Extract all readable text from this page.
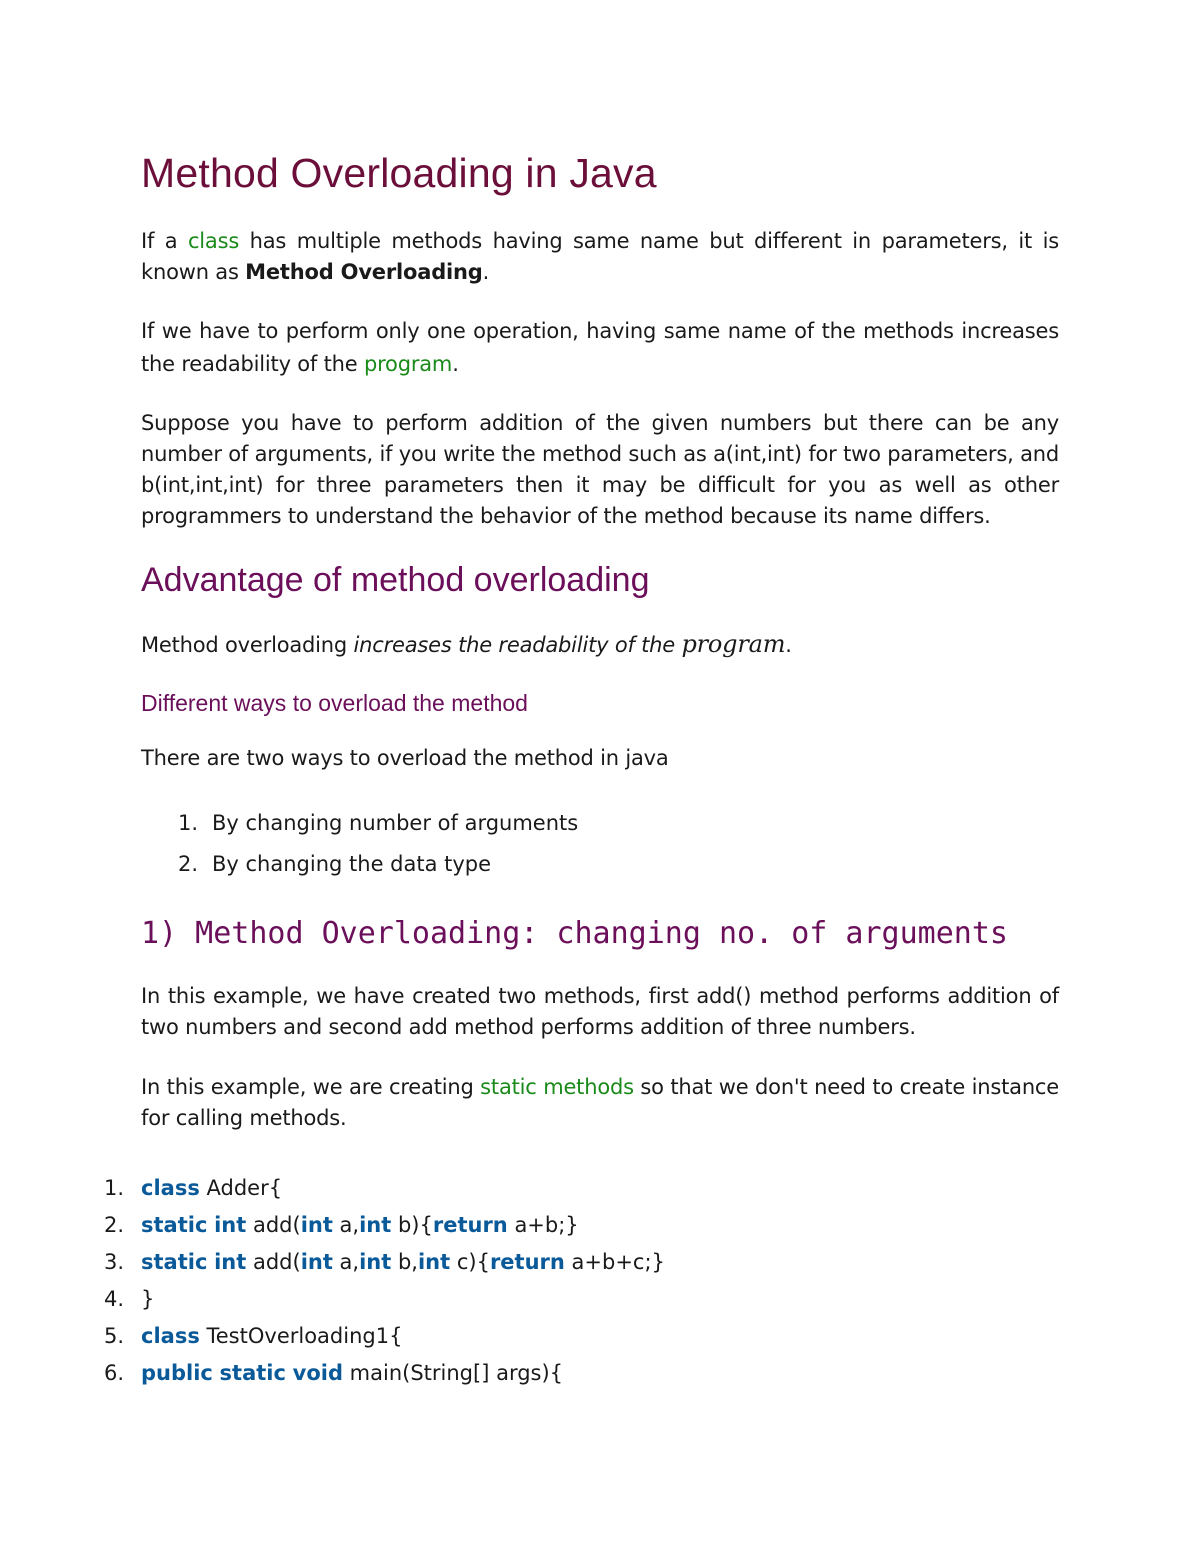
Method Overloading in Java

If a class has multiple methods having same name but different in parameters, it is known as Method Overloading.

If we have to perform only one operation, having same name of the methods increases the readability of the program.

Suppose you have to perform addition of the given numbers but there can be any number of arguments, if you write the method such as a(int,int) for two parameters, and b(int,int,int) for three parameters then it may be difficult for you as well as other programmers to understand the behavior of the method because its name differs.

Advantage of method overloading

Method overloading increases the readability of the program.

Different ways to overload the method

There are two ways to overload the method in java

1. By changing number of arguments
2. By changing the data type
1) Method Overloading: changing no. of arguments

In this example, we have created two methods, first add() method performs addition of two numbers and second add method performs addition of three numbers.

In this example, we are creating static methods so that we don't need to create instance for calling methods.

1. class Adder{
2. static int add(int a,int b){return a+b;}
3. static int add(int a,int b,int c){return a+b+c;}
4. }
5. class TestOverloading1{
6. public static void main(String[] args){
